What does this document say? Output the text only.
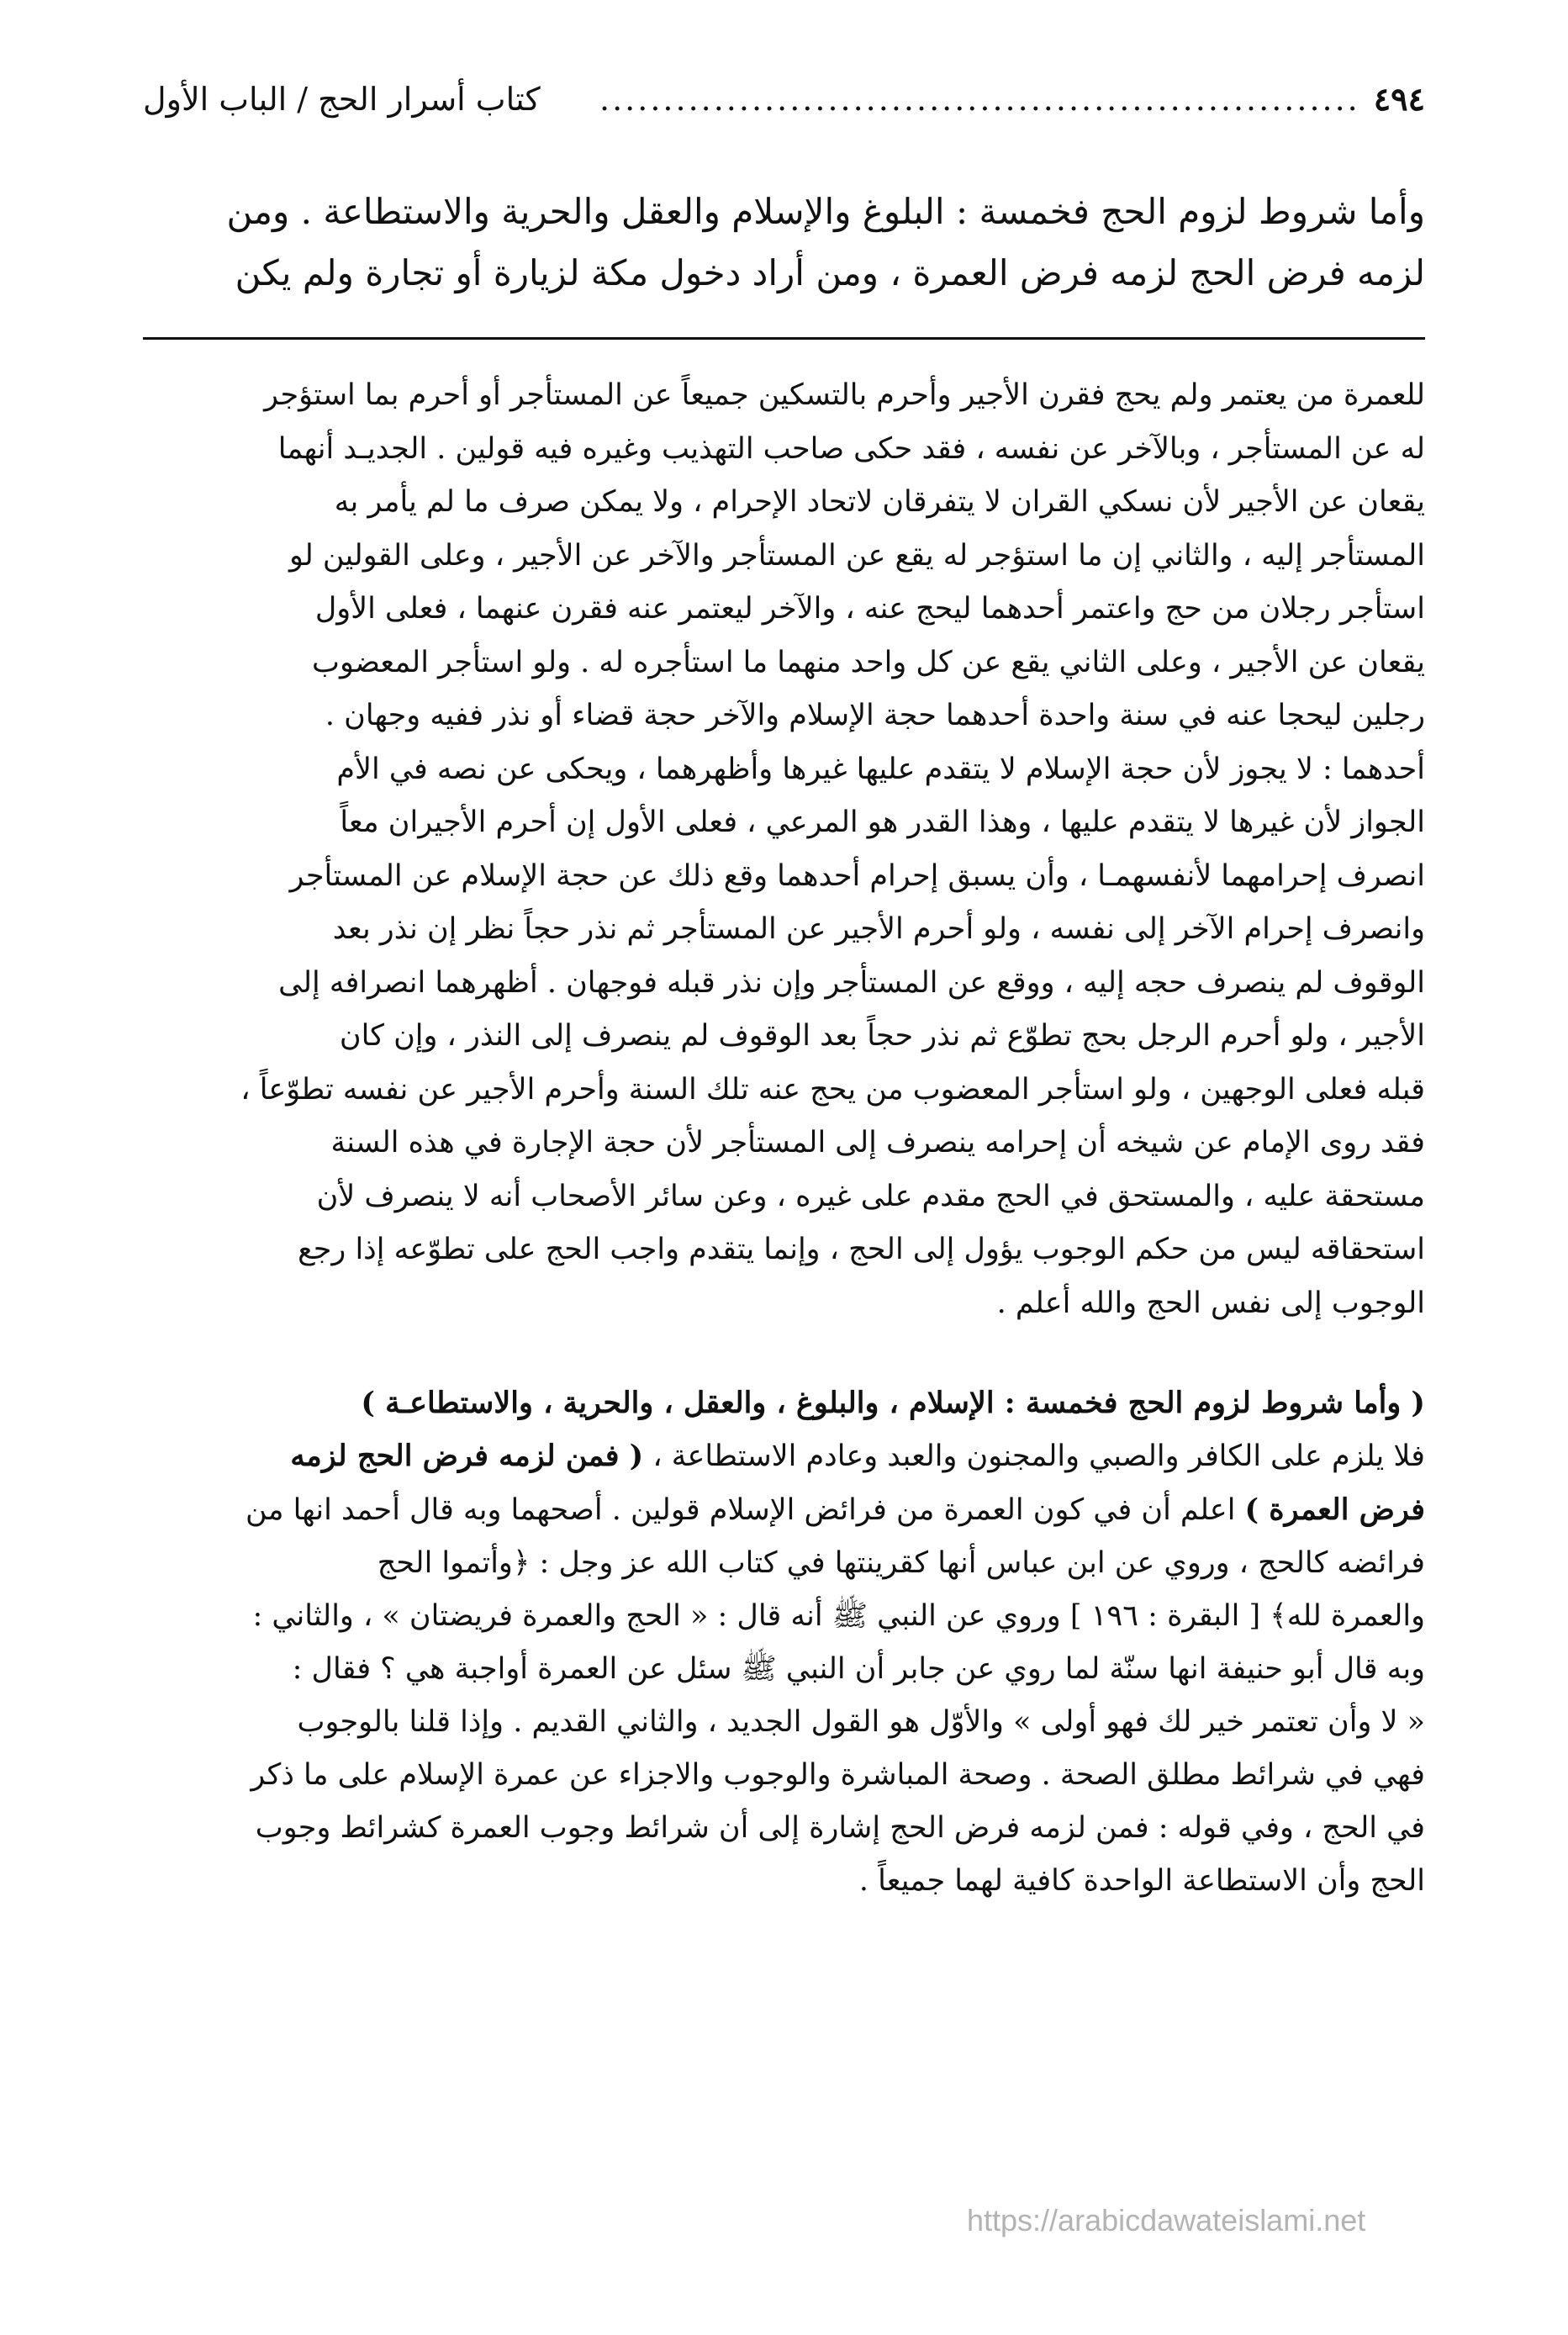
٤٩٤
............................................................
كتاب أسرار الحج / الباب الأول

وأما شروط لزوم الحج فخمسة : البلوغ والإسلام والعقل والحرية والاستطاعة . ومن

لزمه فرض الحج لزمه فرض العمرة ، ومن أراد دخول مكة لزيارة أو تجارة ولم يكن

للعمرة من يعتمر ولم يحج فقرن الأجير وأحرم بالتسكين جميعاً عن المستأجر أو أحرم بما استؤجر

له عن المستأجر ، وبالآخر عن نفسه ، فقد حكى صاحب التهذيب وغيره فيه قولين . الجديـد أنهما

يقعان عن الأجير لأن نسكي القران لا يتفرقان لاتحاد الإحرام ، ولا يمكن صرف ما لم يأمر به

المستأجر إليه ، والثاني إن ما استؤجر له يقع عن المستأجر والآخر عن الأجير ، وعلى القولين لو

استأجر رجلان من حج واعتمر أحدهما ليحج عنه ، والآخر ليعتمر عنه فقرن عنهما ، فعلى الأول

يقعان عن الأجير ، وعلى الثاني يقع عن كل واحد منهما ما استأجره له . ولو استأجر المعضوب

رجلين ليحجا عنه في سنة واحدة أحدهما حجة الإسلام والآخر حجة قضاء أو نذر ففيه وجهان .

أحدهما : لا يجوز لأن حجة الإسلام لا يتقدم عليها غيرها وأظهرهما ، ويحكى عن نصه في الأم

الجواز لأن غيرها لا يتقدم عليها ، وهذا القدر هو المرعي ، فعلى الأول إن أحرم الأجيران معاً

انصرف إحرامهما لأنفسهمـا ، وأن يسبق إحرام أحدهما وقع ذلك عن حجة الإسلام عن المستأجر

وانصرف إحرام الآخر إلى نفسه ، ولو أحرم الأجير عن المستأجر ثم نذر حجاً نظر إن نذر بعد

الوقوف لم ينصرف حجه إليه ، ووقع عن المستأجر وإن نذر قبله فوجهان . أظهرهما انصرافه إلى

الأجير ، ولو أحرم الرجل بحج تطوّع ثم نذر حجاً بعد الوقوف لم ينصرف إلى النذر ، وإن كان

قبله فعلى الوجهين ، ولو استأجر المعضوب من يحج عنه تلك السنة وأحرم الأجير عن نفسه تطوّعاً ،

فقد روى الإمام عن شيخه أن إحرامه ينصرف إلى المستأجر لأن حجة الإجارة في هذه السنة

مستحقة عليه ، والمستحق في الحج مقدم على غيره ، وعن سائر الأصحاب أنه لا ينصرف لأن

استحقاقه ليس من حكم الوجوب يؤول إلى الحج ، وإنما يتقدم واجب الحج على تطوّعه إذا رجع

الوجوب إلى نفس الحج والله أعلم .

( وأما شروط لزوم الحج فخمسة : الإسلام ، والبلوغ ، والعقل ، والحرية ، والاستطاعـة )

فلا يلزم على الكافر والصبي والمجنون والعبد وعادم الاستطاعة ، ( فمن لزمه فرض الحج لزمه

فرض العمرة ) اعلم أن في كون العمرة من فرائض الإسلام قولين . أصحهما وبه قال أحمد انها من

فرائضه كالحج ، وروي عن ابن عباس أنها كقرينتها في كتاب الله عز وجل : ﴿وأتموا الحج

والعمرة لله﴾ [ البقرة : ١٩٦ ] وروي عن النبي ﷺ أنه قال : « الحج والعمرة فريضتان » ، والثاني :

وبه قال أبو حنيفة انها سنّة لما روي عن جابر أن النبي ﷺ سئل عن العمرة أواجبة هي ؟ فقال :

« لا وأن تعتمر خير لك فهو أولى » والأوّل هو القول الجديد ، والثاني القديم . وإذا قلنا بالوجوب

فهي في شرائط مطلق الصحة . وصحة المباشرة والوجوب والاجزاء عن عمرة الإسلام على ما ذكر

في الحج ، وفي قوله : فمن لزمه فرض الحج إشارة إلى أن شرائط وجوب العمرة كشرائط وجوب

الحج وأن الاستطاعة الواحدة كافية لهما جميعاً .

https://arabicdawateislami.net
